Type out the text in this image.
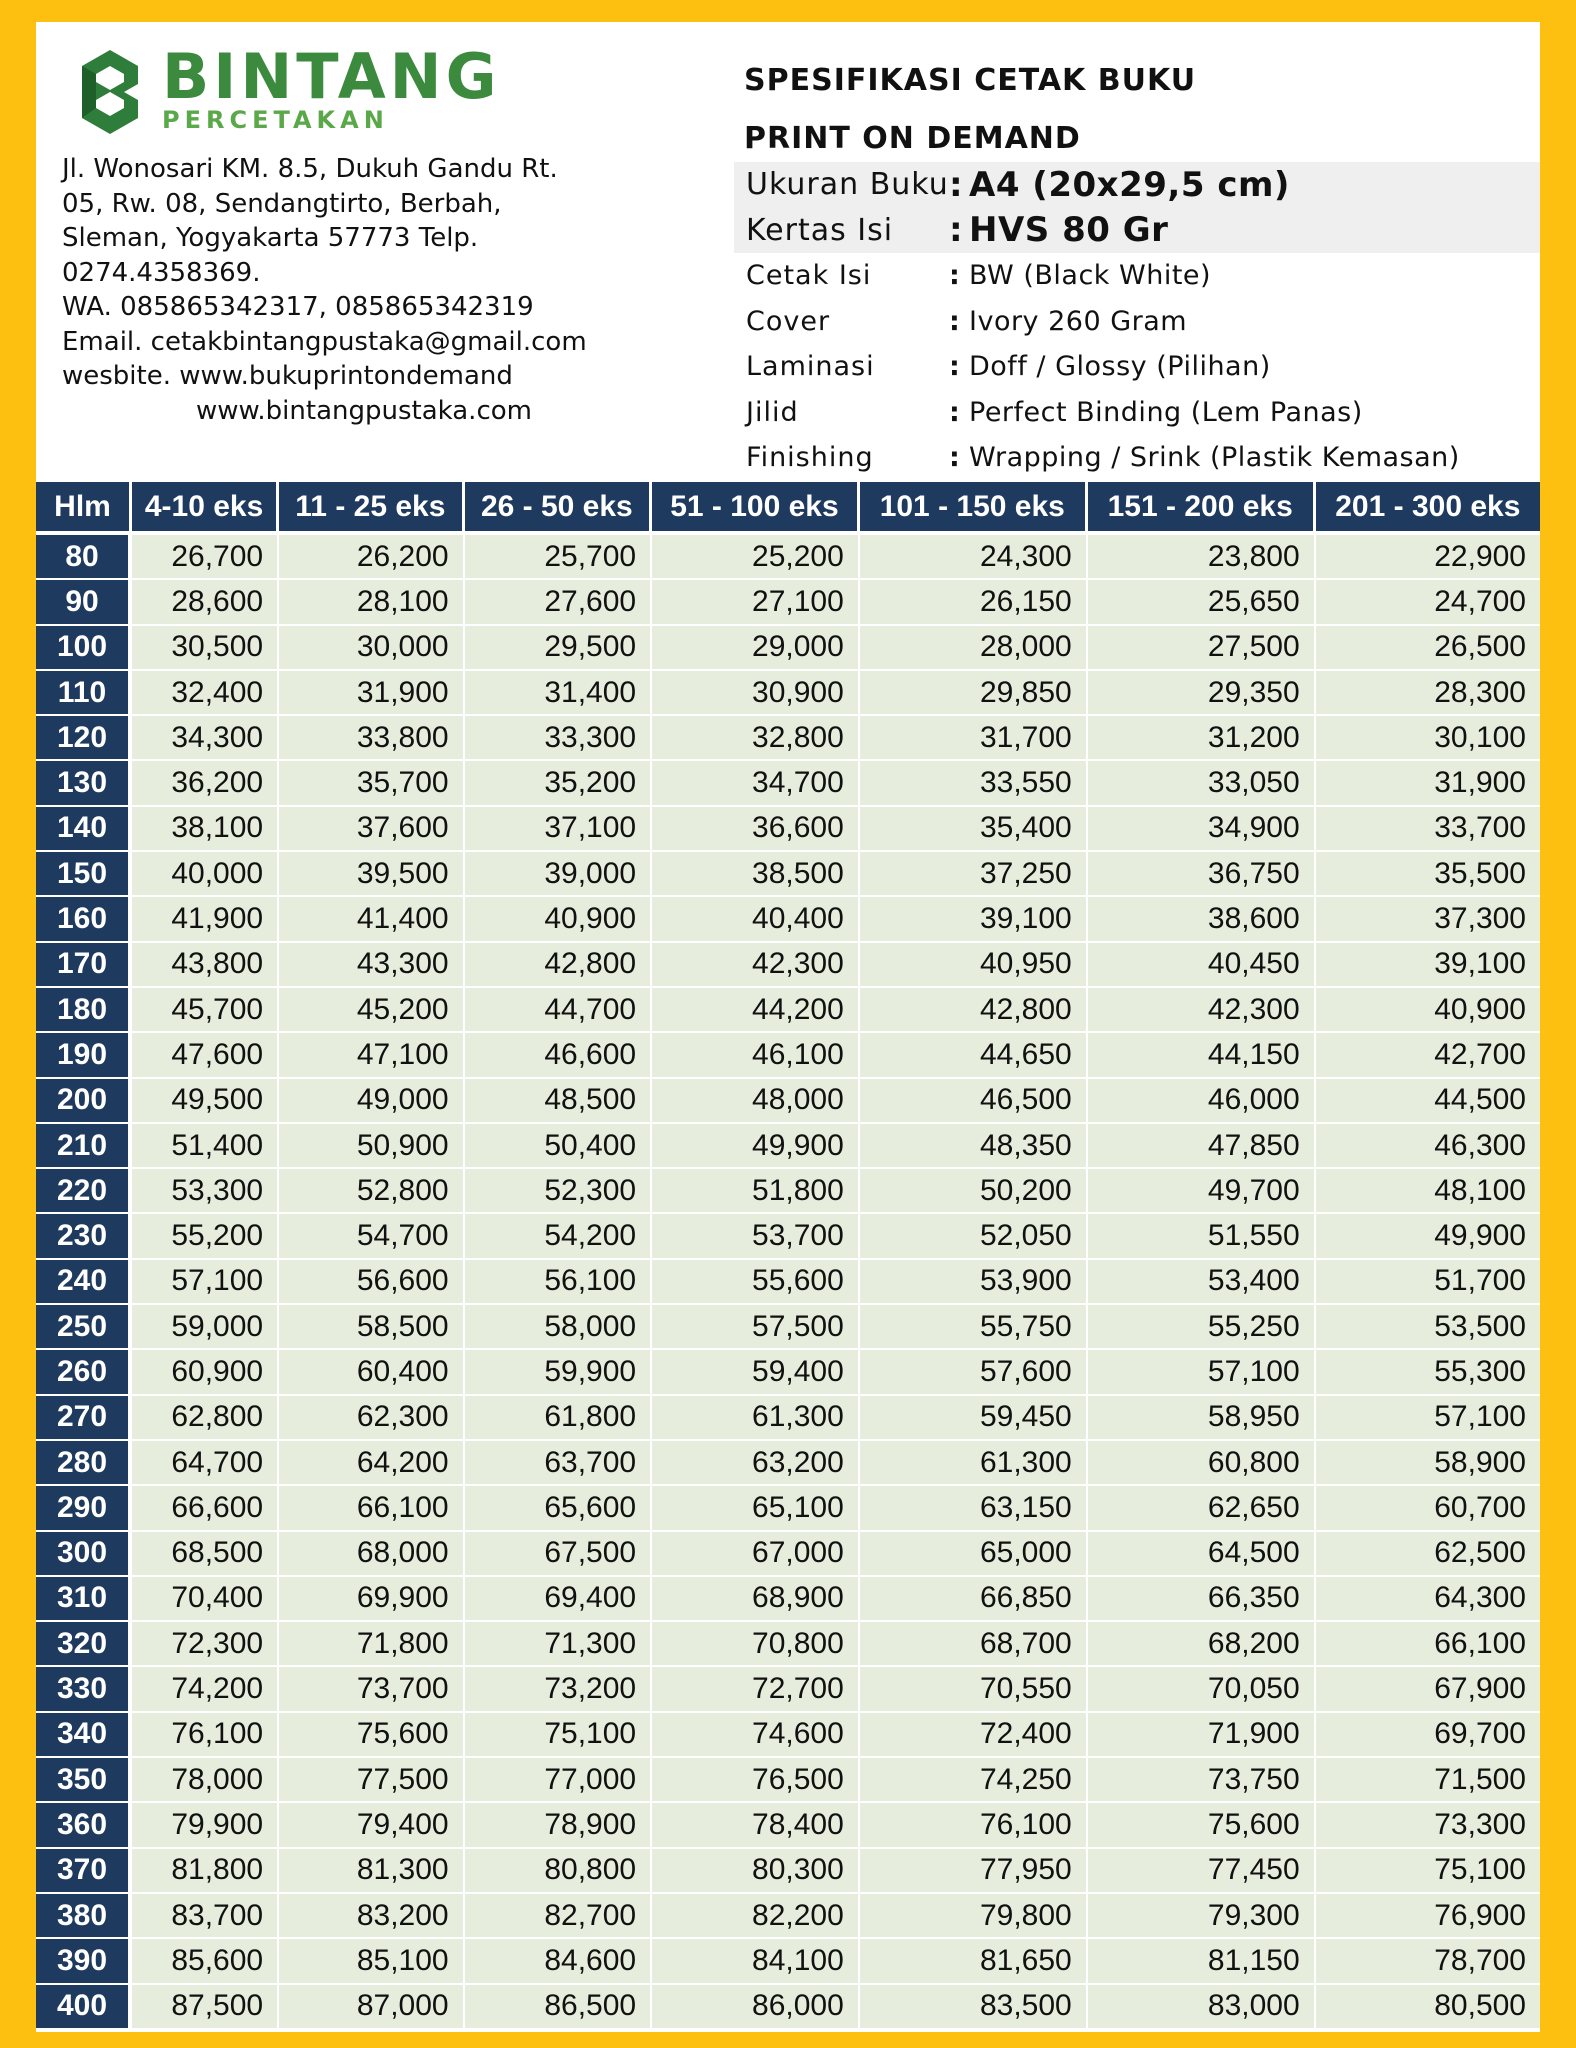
BINTANG
PERCETAKAN
Jl. Wonosari KM. 8.5, Dukuh Gandu Rt.
05, Rw. 08, Sendangtirto, Berbah,
Sleman, Yogyakarta 57773 Telp.
0274.4358369.
WA. 085865342317, 085865342319
Email. cetakbintangpustaka@gmail.com
wesbite. www.bukuprintondemand
www.bintangpustaka.com
SPESIFIKASI CETAK BUKU
PRINT ON DEMAND
Ukuran Buku : A4 (20x29,5 cm)
Kertas Isi	: HVS 80 Gr
Cetak Isi	: BW (Black White)
Cover	: Ivory 260 Gram
Laminasi	: Doff / Glossy (Pilihan)
Jilid	: Perfect Binding (Lem Panas)
Finishing	: Wrapping / Srink (Plastik Kemasan)
Hlm	4-10 eks	11 - 25 eks	26 - 50 eks	51 - 100 eks	101 - 150 eks	151 - 200 eks	201 - 300 eks
80	26,700	26,200	25,700	25,200	24,300	23,800	22,900
90	28,600	28,100	27,600	27,100	26,150	25,650	24,700
100	30,500	30,000	29,500	29,000	28,000	27,500	26,500
110	32,400	31,900	31,400	30,900	29,850	29,350	28,300
120	34,300	33,800	33,300	32,800	31,700	31,200	30,100
130	36,200	35,700	35,200	34,700	33,550	33,050	31,900
140	38,100	37,600	37,100	36,600	35,400	34,900	33,700
150	40,000	39,500	39,000	38,500	37,250	36,750	35,500
160	41,900	41,400	40,900	40,400	39,100	38,600	37,300
170	43,800	43,300	42,800	42,300	40,950	40,450	39,100
180	45,700	45,200	44,700	44,200	42,800	42,300	40,900
190	47,600	47,100	46,600	46,100	44,650	44,150	42,700
200	49,500	49,000	48,500	48,000	46,500	46,000	44,500
210	51,400	50,900	50,400	49,900	48,350	47,850	46,300
220	53,300	52,800	52,300	51,800	50,200	49,700	48,100
230	55,200	54,700	54,200	53,700	52,050	51,550	49,900
240	57,100	56,600	56,100	55,600	53,900	53,400	51,700
250	59,000	58,500	58,000	57,500	55,750	55,250	53,500
260	60,900	60,400	59,900	59,400	57,600	57,100	55,300
270	62,800	62,300	61,800	61,300	59,450	58,950	57,100
280	64,700	64,200	63,700	63,200	61,300	60,800	58,900
290	66,600	66,100	65,600	65,100	63,150	62,650	60,700
300	68,500	68,000	67,500	67,000	65,000	64,500	62,500
310	70,400	69,900	69,400	68,900	66,850	66,350	64,300
320	72,300	71,800	71,300	70,800	68,700	68,200	66,100
330	74,200	73,700	73,200	72,700	70,550	70,050	67,900
340	76,100	75,600	75,100	74,600	72,400	71,900	69,700
350	78,000	77,500	77,000	76,500	74,250	73,750	71,500
360	79,900	79,400	78,900	78,400	76,100	75,600	73,300
370	81,800	81,300	80,800	80,300	77,950	77,450	75,100
380	83,700	83,200	82,700	82,200	79,800	79,300	76,900
390	85,600	85,100	84,600	84,100	81,650	81,150	78,700
400	87,500	87,000	86,500	86,000	83,500	83,000	80,500
